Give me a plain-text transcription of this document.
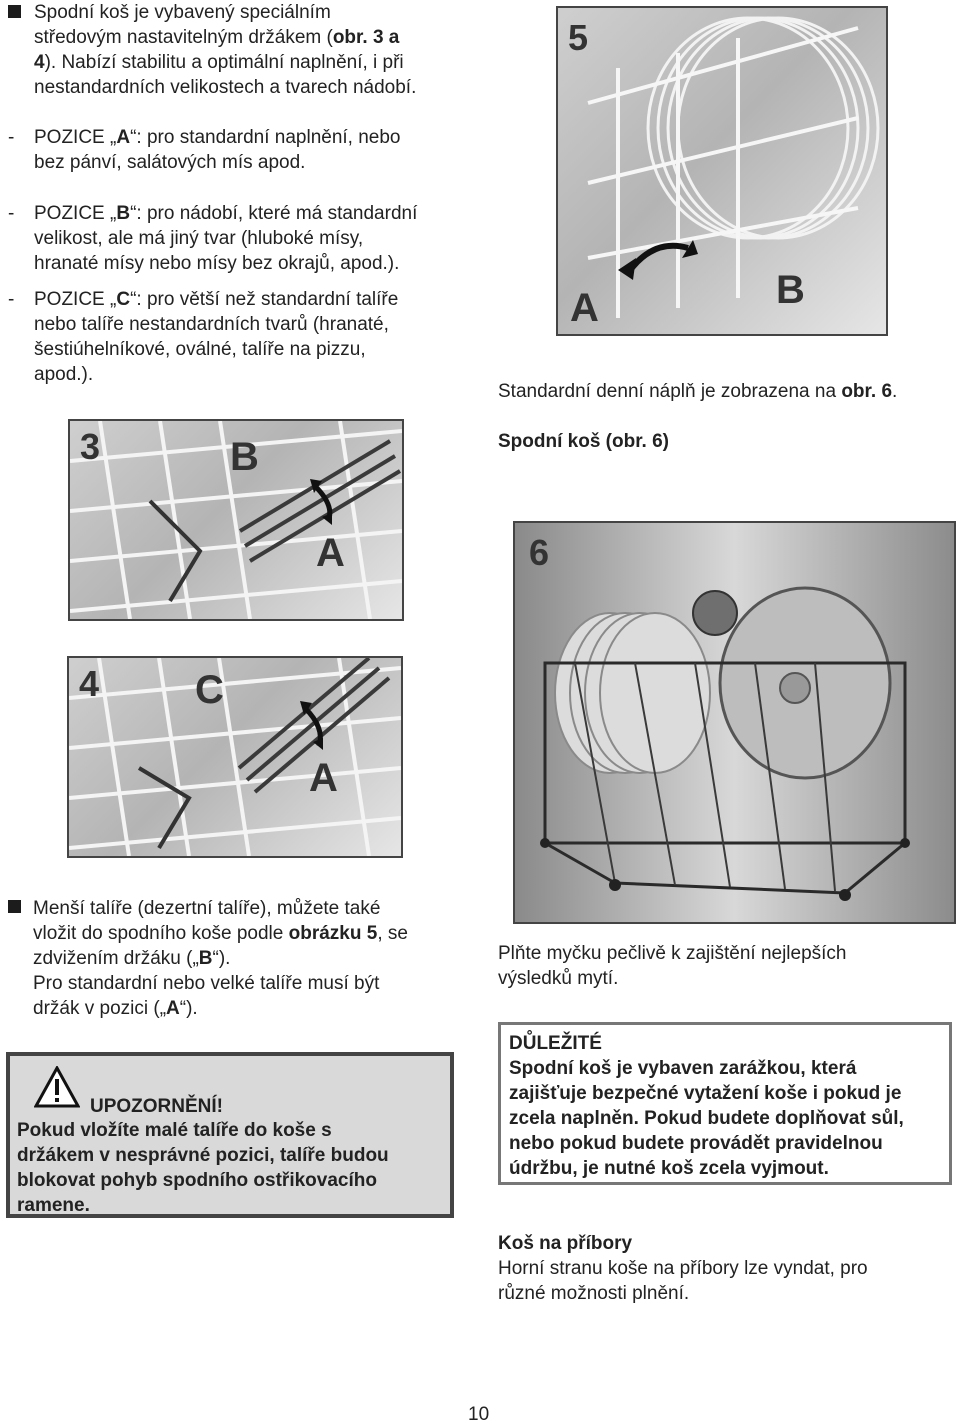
Spodní koš je vybavený speciálním
středovým nastavitelným držákem (obr. 3 a
4). Nabízí stabilitu a optimální naplnění, i při
nestandardních velikostech a tvarech nádobí.
- POZICE „A“: pro standardní naplnění, nebo
bez pánví, salátových mís apod.
- POZICE „B“: pro nádobí, které má standardní
velikost, ale má jiný tvar (hluboké mísy,
hranaté mísy nebo mísy bez okrajů, apod.).
- POZICE „C“: pro větší než standardní talíře
nebo talíře nestandardních tvarů (hranaté,
šestiúhelníkové, oválné, talíře na pizzu,
apod.).
5
A	B
Standardní denní náplň je zobrazena na obr. 6.
Spodní koš (obr. 6)
3	B
A	6
4 C
A
Menší talíře (dezertní talíře), můžete také
vložit do spodního koše podle obrázku 5, se
zdvižením držáku („B“).
Pro standardní nebo velké talíře musí být
držák v pozici („A“).
UPOZORNĚNÍ!
Pokud vložíte malé talíře do koše s
držákem v nesprávné pozici, talíře budou
blokovat pohyb spodního ostřikovacího
ramene.
Plňte myčku pečlivě k zajištění nejlepších
výsledků mytí.
DŮLEŽITÉ
Spodní koš je vybaven zarážkou, která
zajišťuje bezpečné vytažení koše i pokud je
zcela naplněn. Pokud budete doplňovat sůl,
nebo pokud budete provádět pravidelnou
údržbu, je nutné koš zcela vyjmout.
Koš na příbory
Horní stranu koše na příbory lze vyndat, pro
různé možnosti plnění.
10
